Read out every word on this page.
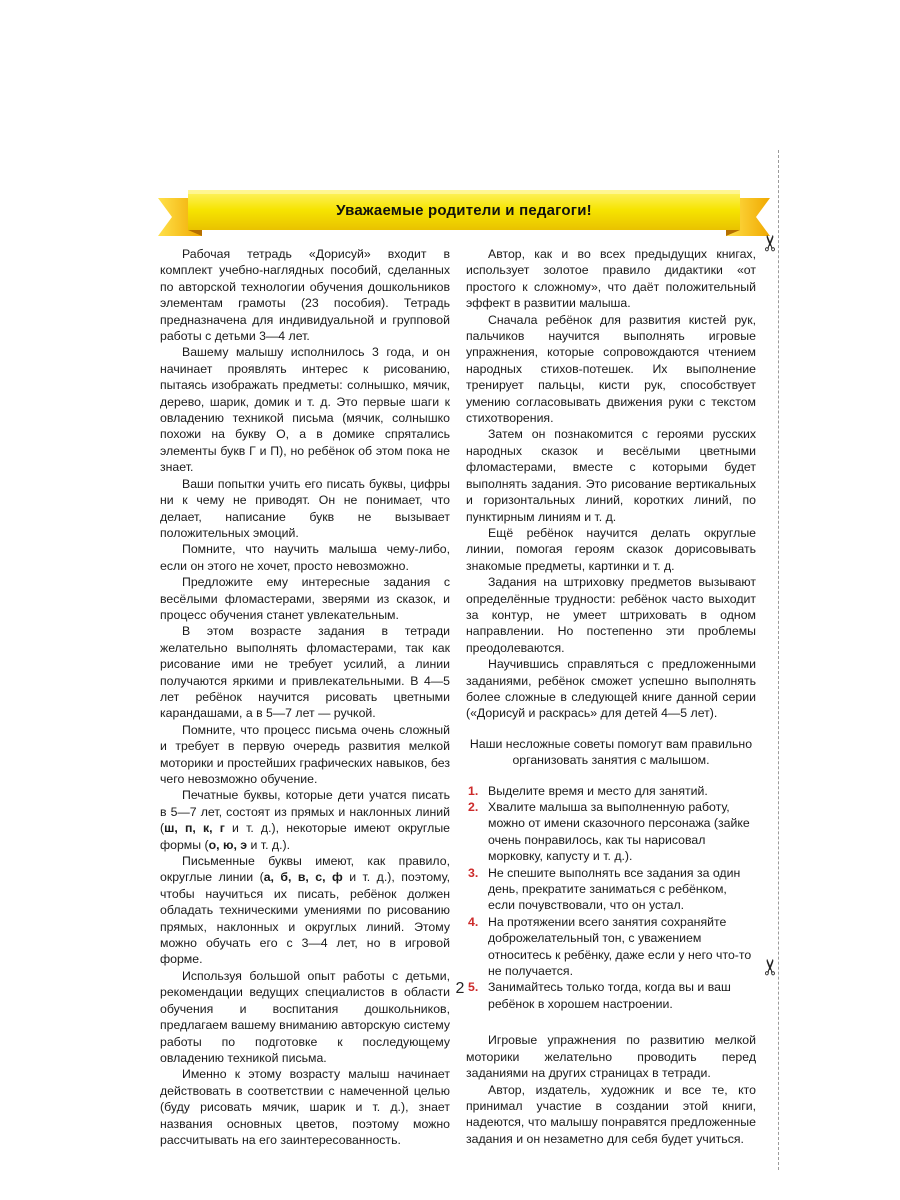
Уважаемые родители и педагоги!
✂
✂

Рабочая тетрадь «Дорисуй» входит в комплект учебно-наглядных пособий, сделанных по авторской технологии обучения дошкольников элементам грамоты (23 пособия). Тетрадь предназначена для индивидуальной и групповой работы с детьми 3—4 лет.

Вашему малышу исполнилось 3 года, и он начинает проявлять интерес к рисованию, пытаясь изображать предметы: солнышко, мячик, дерево, шарик, домик и т. д. Это первые шаги к овладению техникой письма (мячик, солнышко похожи на букву О, а в домике спрятались элементы букв Г и П), но ребёнок об этом пока не знает.

Ваши попытки учить его писать буквы, цифры ни к чему не приводят. Он не понимает, что делает, написание букв не вызывает положительных эмоций.

Помните, что научить малыша чему-либо, если он этого не хочет, просто невозможно.

Предложите ему интересные задания с весёлыми фломастерами, зверями из сказок, и процесс обучения станет увлекательным.

В этом возрасте задания в тетради желательно выполнять фломастерами, так как рисование ими не требует усилий, а линии получаются яркими и привлекательными. В 4—5 лет ребёнок научится рисовать цветными карандашами, а в 5—7 лет — ручкой.

Помните, что процесс письма очень сложный и требует в первую очередь развития мелкой моторики и простейших графических навыков, без чего невозможно обучение.

Печатные буквы, которые дети учатся писать в 5—7 лет, состоят из прямых и наклонных линий (ш, п, к, г и т. д.), некоторые имеют округлые формы (о, ю, э и т. д.).

Письменные буквы имеют, как правило, округлые линии (а, б, в, с, ф и т. д.), поэтому, чтобы научиться их писать, ребёнок должен обладать техническими умениями по рисованию прямых, наклонных и округлых линий. Этому можно обучать его с 3—4 лет, но в игровой форме.

Используя большой опыт работы с детьми, рекомендации ведущих специалистов в области обучения и воспитания дошкольников, предлагаем вашему вниманию авторскую систему работы по подготовке к последующему овладению техникой письма.

Именно к этому возрасту малыш начинает действовать в соответствии с намеченной целью (буду рисовать мячик, шарик и т. д.), знает названия основных цветов, поэтому можно рассчитывать на его заинтересованность.

Автор, как и во всех предыдущих книгах, использует золотое правило дидактики «от простого к сложному», что даёт положительный эффект в развитии малыша.

Сначала ребёнок для развития кистей рук, пальчиков научится выполнять игровые упражнения, которые сопровождаются чтением народных стихов-потешек. Их выполнение тренирует пальцы, кисти рук, способствует умению согласовывать движения руки с текстом стихотворения.

Затем он познакомится с героями русских народных сказок и весёлыми цветными фломастерами, вместе с которыми будет выполнять задания. Это рисование вертикальных и горизонтальных линий, коротких линий, по пунктирным линиям и т. д.

Ещё ребёнок научится делать округлые линии, помогая героям сказок дорисовывать знакомые предметы, картинки и т. д.

Задания на штриховку предметов вызывают определённые трудности: ребёнок часто выходит за контур, не умеет штриховать в одном направлении. Но постепенно эти проблемы преодолеваются.

Научившись справляться с предложенными заданиями, ребёнок сможет успешно выполнять более сложные в следующей книге данной серии («Дорисуй и раскрась» для детей 4—5 лет).

Наши несложные советы помогут вам правильно организовать занятия с малышом.

1. Выделите время и место для занятий.
2. Хвалите малыша за выполненную работу, можно от имени сказочного персонажа (зайке очень понравилось, как ты нарисовал морковку, капусту и т. д.).
3. Не спешите выполнять все задания за один день, прекратите заниматься с ребёнком, если почувствовали, что он устал.
4. На протяжении всего занятия сохраняйте доброжелательный тон, с уважением относитесь к ребёнку, даже если у него что-то не получается.
5. Занимайтесь только тогда, когда вы и ваш ребёнок в хорошем настроении.

Игровые упражнения по развитию мелкой моторики желательно проводить перед заданиями на других страницах в тетради.

Автор, издатель, художник и все те, кто принимал участие в создании этой книги, надеются, что малышу понравятся предложенные задания и он незаметно для себя будет учиться.

2
